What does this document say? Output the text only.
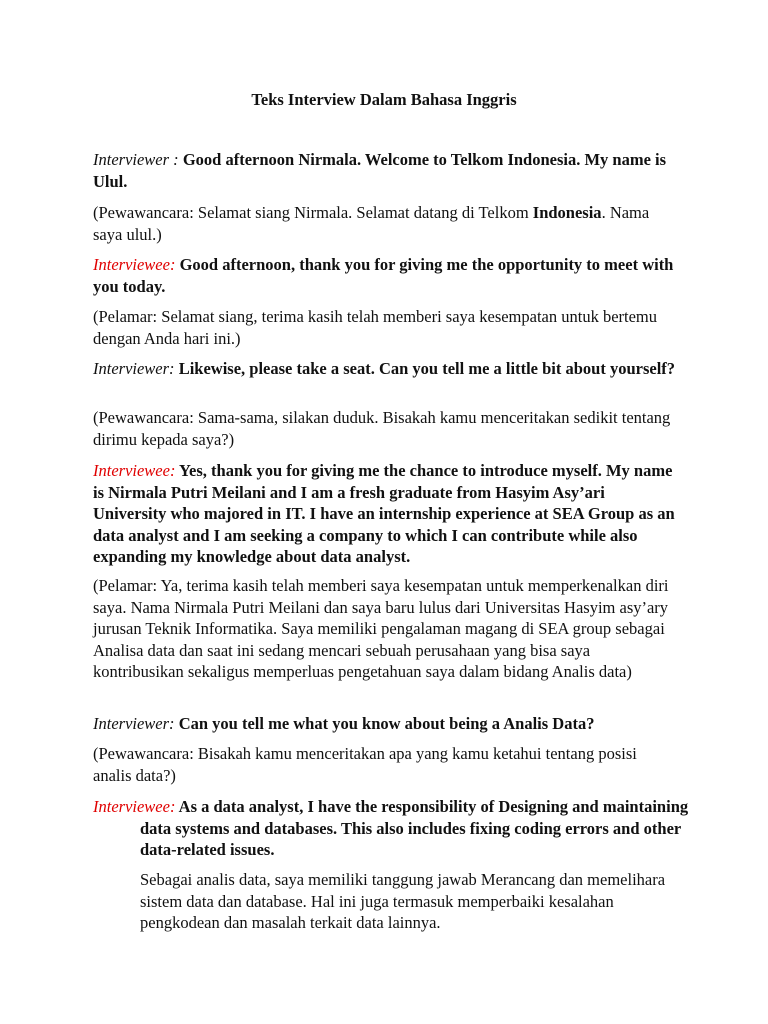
Teks Interview Dalam Bahasa Inggris

Interviewer : Good afternoon Nirmala. Welcome to Telkom Indonesia. My name is Ulul.

(Pewawancara: Selamat siang Nirmala. Selamat datang di Telkom Indonesia. Nama saya ulul.)

Interviewee: Good afternoon, thank you for giving me the opportunity to meet with you today.

(Pelamar: Selamat siang, terima kasih telah memberi saya kesempatan untuk bertemu dengan Anda hari ini.)

Interviewer: Likewise, please take a seat. Can you tell me a little bit about yourself?

(Pewawancara: Sama-sama, silakan duduk. Bisakah kamu menceritakan sedikit tentang dirimu kepada saya?)

Interviewee: Yes, thank you for giving me the chance to introduce myself. My name is Nirmala Putri Meilani and I am a fresh graduate from Hasyim Asy’ari University who majored in IT. I have an internship experience at SEA Group as an data analyst and I am seeking a company to which I can contribute while also expanding my knowledge about data analyst.

(Pelamar: Ya, terima kasih telah memberi saya kesempatan untuk memperkenalkan diri saya. Nama Nirmala Putri Meilani dan saya baru lulus dari Universitas Hasyim asy’ary jurusan Teknik Informatika. Saya memiliki pengalaman magang di SEA group sebagai Analisa data dan saat ini sedang mencari sebuah perusahaan yang bisa saya kontribusikan sekaligus memperluas pengetahuan saya dalam bidang Analis data)

Interviewer: Can you tell me what you know about being a Analis Data?

(Pewawancara: Bisakah kamu menceritakan apa yang kamu ketahui tentang posisi analis data?)

Interviewee: As a data analyst, I have the responsibility of Designing and maintaining data systems and databases. This also includes fixing coding errors and other data-related issues.

Sebagai analis data, saya memiliki tanggung jawab Merancang dan memelihara sistem data dan database. Hal ini juga termasuk memperbaiki kesalahan pengkodean dan masalah terkait data lainnya.
